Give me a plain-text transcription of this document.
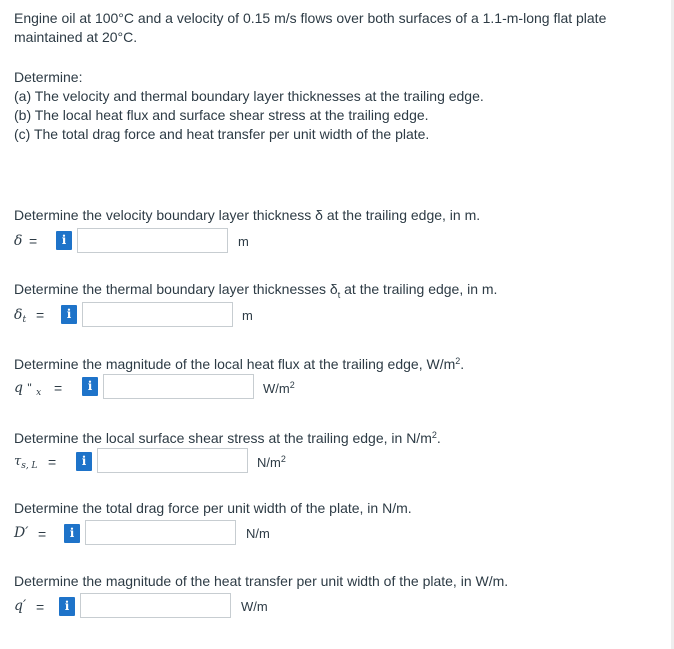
Engine oil at 100°C and a velocity of 0.15 m/s flows over both surfaces of a 1.1-m-long flat plate maintained at 20°C.
Determine:
(a) The velocity and thermal boundary layer thicknesses at the trailing edge.
(b) The local heat flux and surface shear stress at the trailing edge.
(c) The total drag force and heat transfer per unit width of the plate.
Determine the velocity boundary layer thickness δ at the trailing edge, in m.
δ =	i	m
Determine the thermal boundary layer thicknesses $\delta_t$ at the trailing edge, in m.
$\delta_t$ =	i	m
Determine the magnitude of the local heat flux at the trailing edge, $W/m^2$.
q " $_x$ =	i	$W/m^2$
Determine the local surface shear stress at the trailing edge, in $N/m^2$.
$\tau_{s, L}$ =	i	$N/m^2$
Determine the total drag force per unit width of the plate, in N/m.
D′ =	i	N/m
Determine the magnitude of the heat transfer per unit width of the plate, in W/m.
q′ =	i	W/m
